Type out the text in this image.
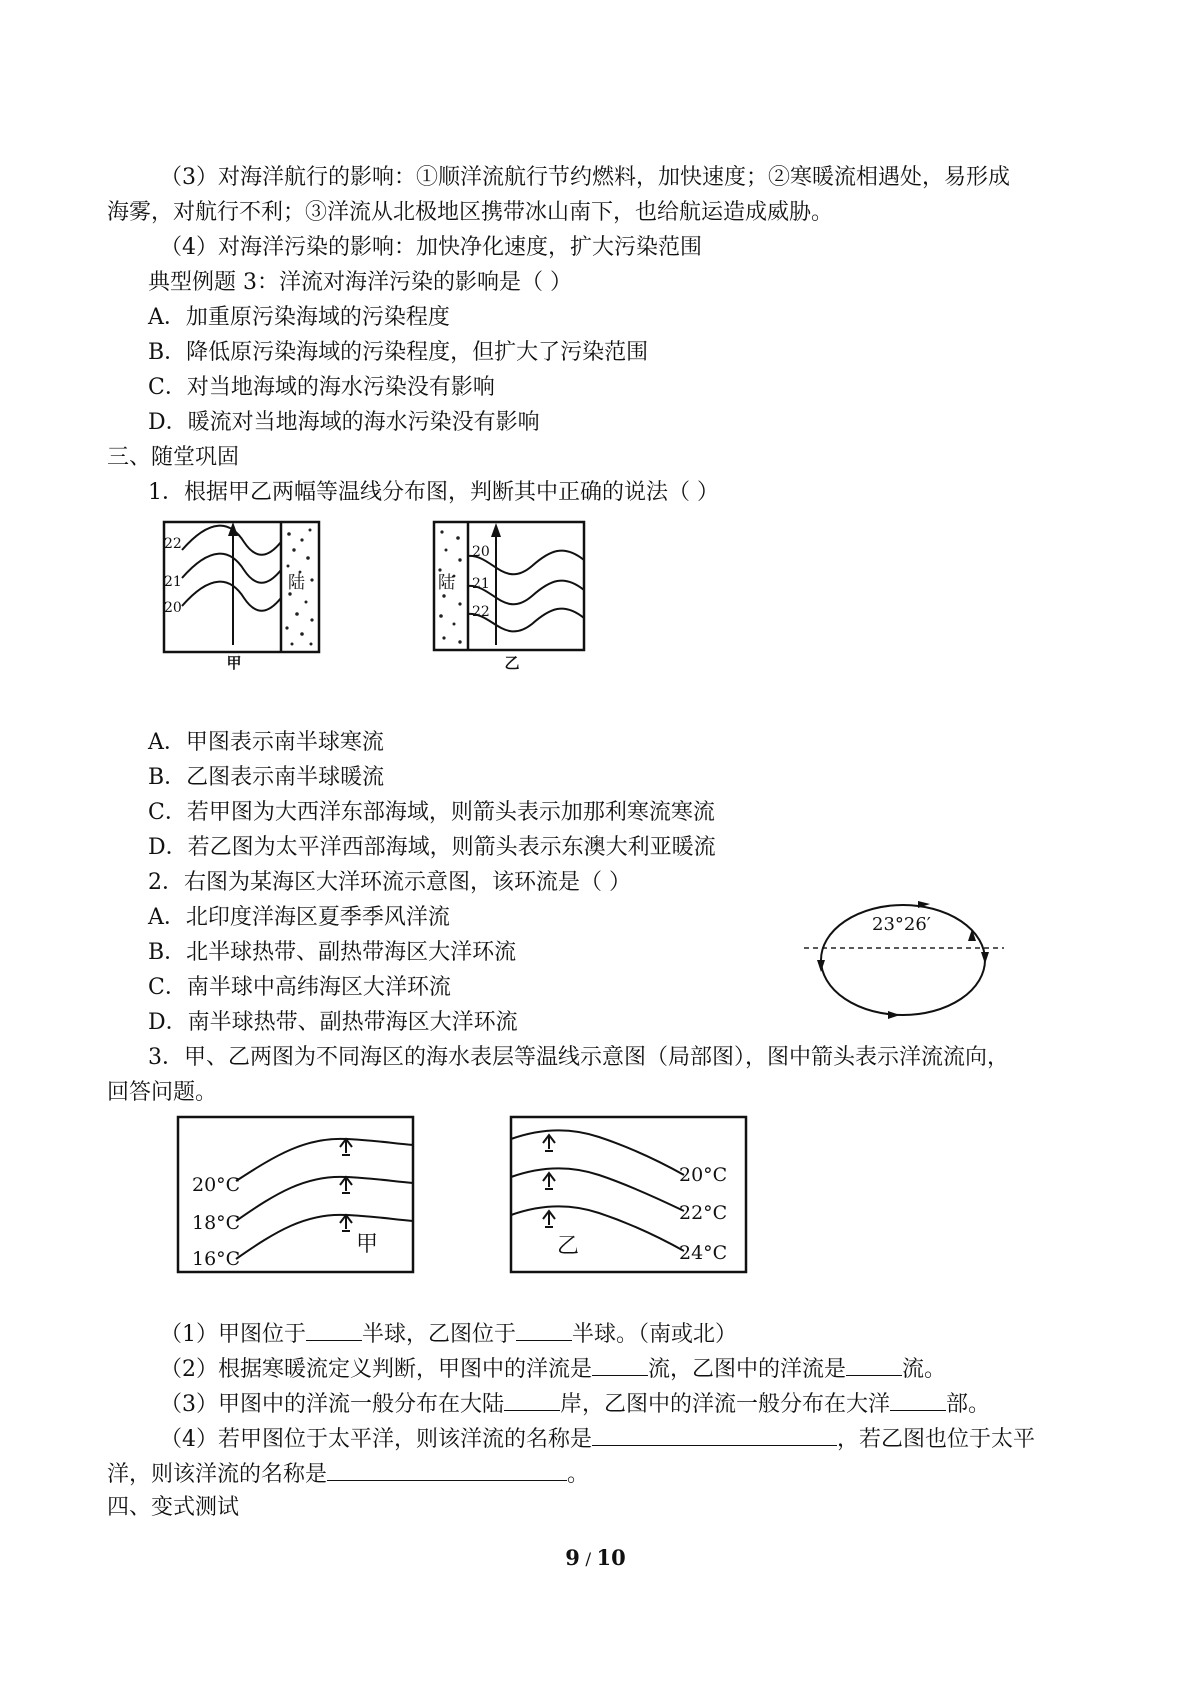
（3）对海洋航行的影响：①顺洋流航行节约燃料，加快速度；②寒暖流相遇处，易形成
海雾，对航行不利；③洋流从北极地区携带冰山南下，也给航运造成威胁。
（4）对海洋污染的影响：加快净化速度，扩大污染范围
典型例题 3：洋流对海洋污染的影响是（ ）
A．加重原污染海域的污染程度
B．降低原污染海域的污染程度，但扩大了污染范围
C．对当地海域的海水污染没有影响
D．暖流对当地海域的海水污染没有影响
三、随堂巩固
1．根据甲乙两幅等温线分布图，判断其中正确的说法（ ）
陆
22
21
20
甲
陆
20
21
22
乙
A．甲图表示南半球寒流
B．乙图表示南半球暖流
C．若甲图为大西洋东部海域，则箭头表示加那利寒流寒流
D．若乙图为太平洋西部海域，则箭头表示东澳大利亚暖流
2．右图为某海区大洋环流示意图，该环流是（ ）
A．北印度洋海区夏季季风洋流
B．北半球热带、副热带海区大洋环流
C．南半球中高纬海区大洋环流
D．南半球热带、副热带海区大洋环流
23°26′
3．甲、乙两图为不同海区的海水表层等温线示意图（局部图），图中箭头表示洋流流向，
回答问题。
20°C
18°C
16°C
甲
20°C
22°C
24°C
乙
（1）甲图位于	半球，乙图位于	半球。（南或北）
（2）根据寒暖流定义判断，甲图中的洋流是	流，乙图中的洋流是	流。
（3）甲图中的洋流一般分布在大陆	岸，乙图中的洋流一般分布在大洋	部。
（4）若甲图位于太平洋，则该洋流的名称是	，若乙图也位于太平
洋，则该洋流的名称是	。
四、变式测试
9 / 10
